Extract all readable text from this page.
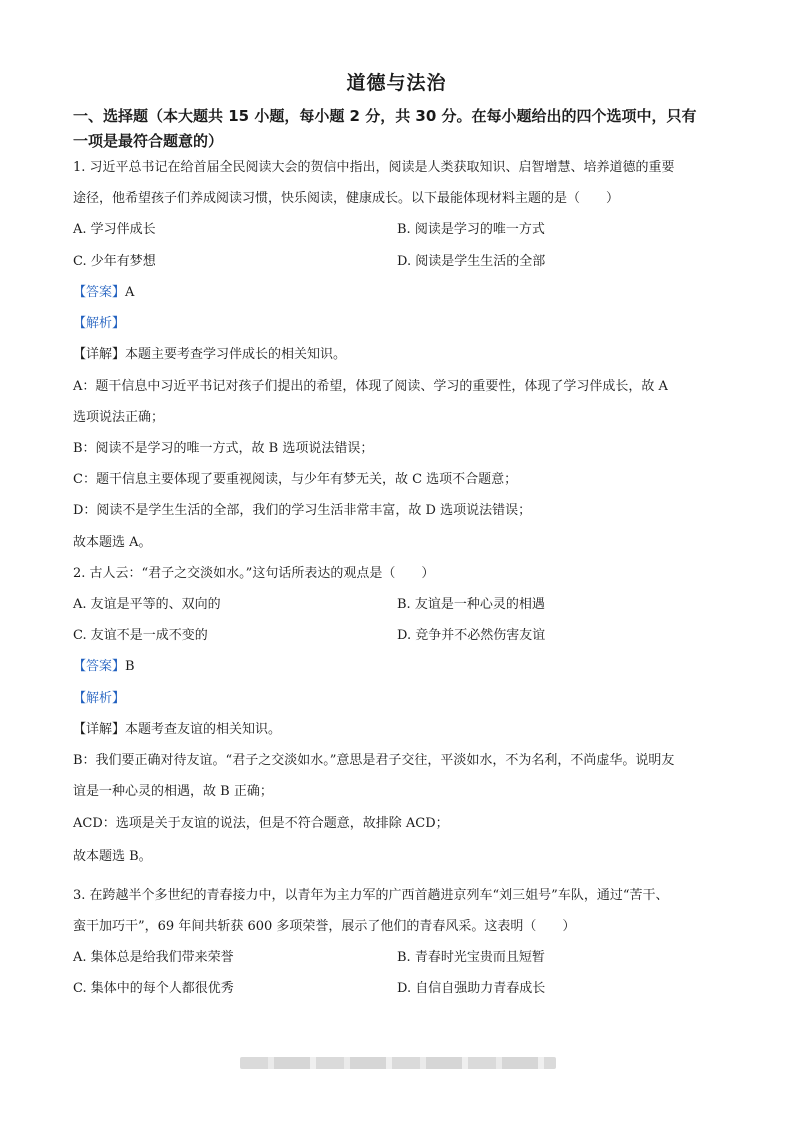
道德与法治
一、选择题（本大题共 15 小题，每小题 2 分，共 30 分。在每小题给出的四个选项中，只有
一项是最符合题意的）
1. 习近平总书记在给首届全民阅读大会的贺信中指出，阅读是人类获取知识、启智增慧、培养道德的重要
途径，他希望孩子们养成阅读习惯，快乐阅读，健康成长。以下最能体现材料主题的是（　　）
A. 学习伴成长	B. 阅读是学习的唯一方式
C. 少年有梦想	D. 阅读是学生生活的全部
【答案】A
【解析】
【详解】本题主要考查学习伴成长的相关知识。
A：题干信息中习近平书记对孩子们提出的希望，体现了阅读、学习的重要性，体现了学习伴成长，故 A
选项说法正确；
B：阅读不是学习的唯一方式，故 B 选项说法错误；
C：题干信息主要体现了要重视阅读，与少年有梦无关，故 C 选项不合题意；
D：阅读不是学生生活的全部，我们的学习生活非常丰富，故 D 选项说法错误；
故本题选 A。
2. 古人云：“君子之交淡如水。”这句话所表达的观点是（　　）
A. 友谊是平等的、双向的	B. 友谊是一种心灵的相遇
C. 友谊不是一成不变的	D. 竞争并不必然伤害友谊
【答案】B
【解析】
【详解】本题考查友谊的相关知识。
B：我们要正确对待友谊。“君子之交淡如水。”意思是君子交往，平淡如水，不为名利，不尚虚华。说明友
谊是一种心灵的相遇，故 B 正确；
ACD：选项是关于友谊的说法，但是不符合题意，故排除 ACD；
故本题选 B。
3. 在跨越半个多世纪的青春接力中，以青年为主力军的广西首趟进京列车“刘三姐号”车队，通过“苦干、
蛮干加巧干”，69 年间共斩获 600 多项荣誉，展示了他们的青春风采。这表明（　　）
A. 集体总是给我们带来荣誉	B. 青春时光宝贵而且短暂
C. 集体中的每个人都很优秀	D. 自信自强助力青春成长
